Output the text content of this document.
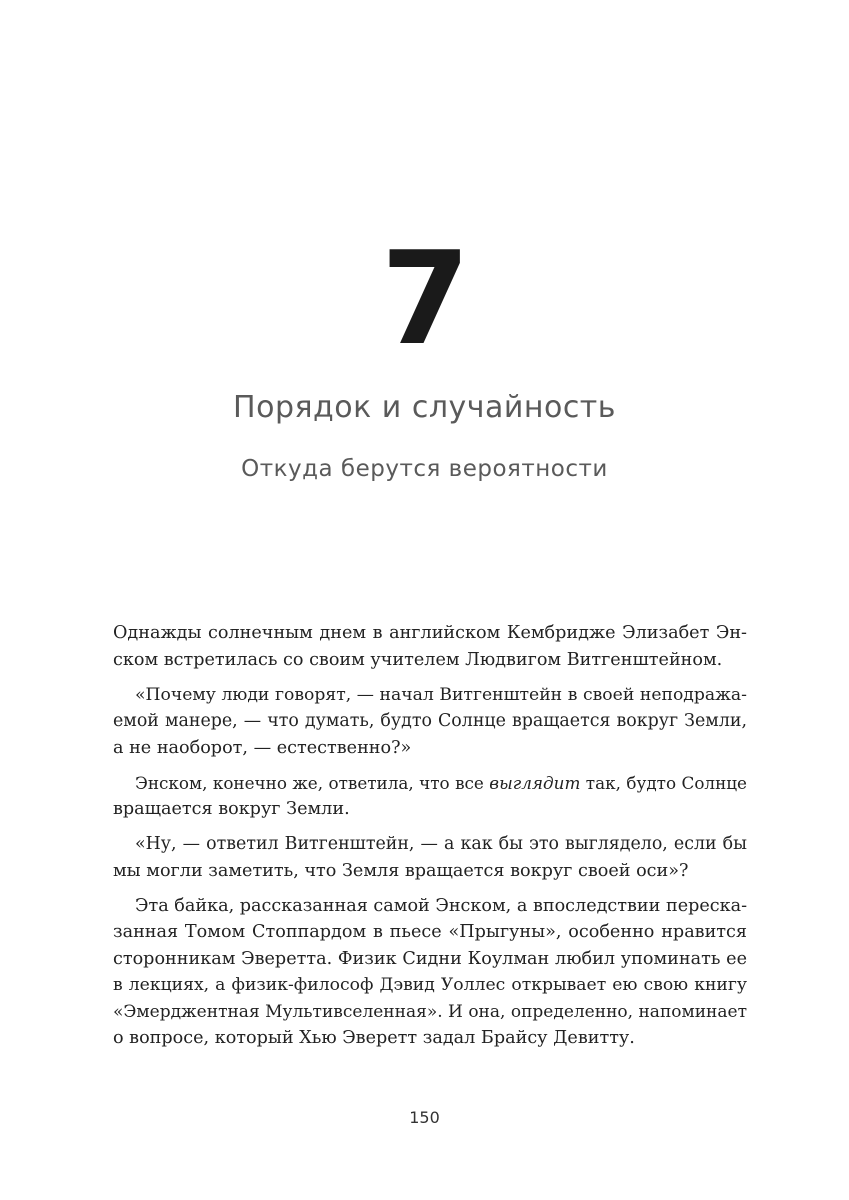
7
Порядок и случайность
Откуда берутся вероятности

Однажды солнечным днем в английском Кембридже Элизабет Эн-
ском встретилась со своим учителем Людвигом Витгенштейном.

«Почему люди говорят, — начал Витгенштейн в своей неподража-
емой манере, — что думать, будто Солнце вращается вокруг Земли,
а не наоборот, — естественно?»

Энском, конечно же, ответила, что все выглядит так, будто Солнце
вращается вокруг Земли.

«Ну, — ответил Витгенштейн, — а как бы это выглядело, если бы
мы могли заметить, что Земля вращается вокруг своей оси»?

Эта байка, рассказанная самой Энском, а впоследствии переска-
занная Томом Стоппардом в пьесе «Прыгуны», особенно нравится
сторонникам Эверетта. Физик Сидни Коулман любил упоминать ее
в лекциях, а физик-философ Дэвид Уоллес открывает ею свою книгу
«Эмерджентная Мультивселенная». И она, определенно, напоминает
о вопросе, который Хью Эверетт задал Брайсу Девитту.

150
